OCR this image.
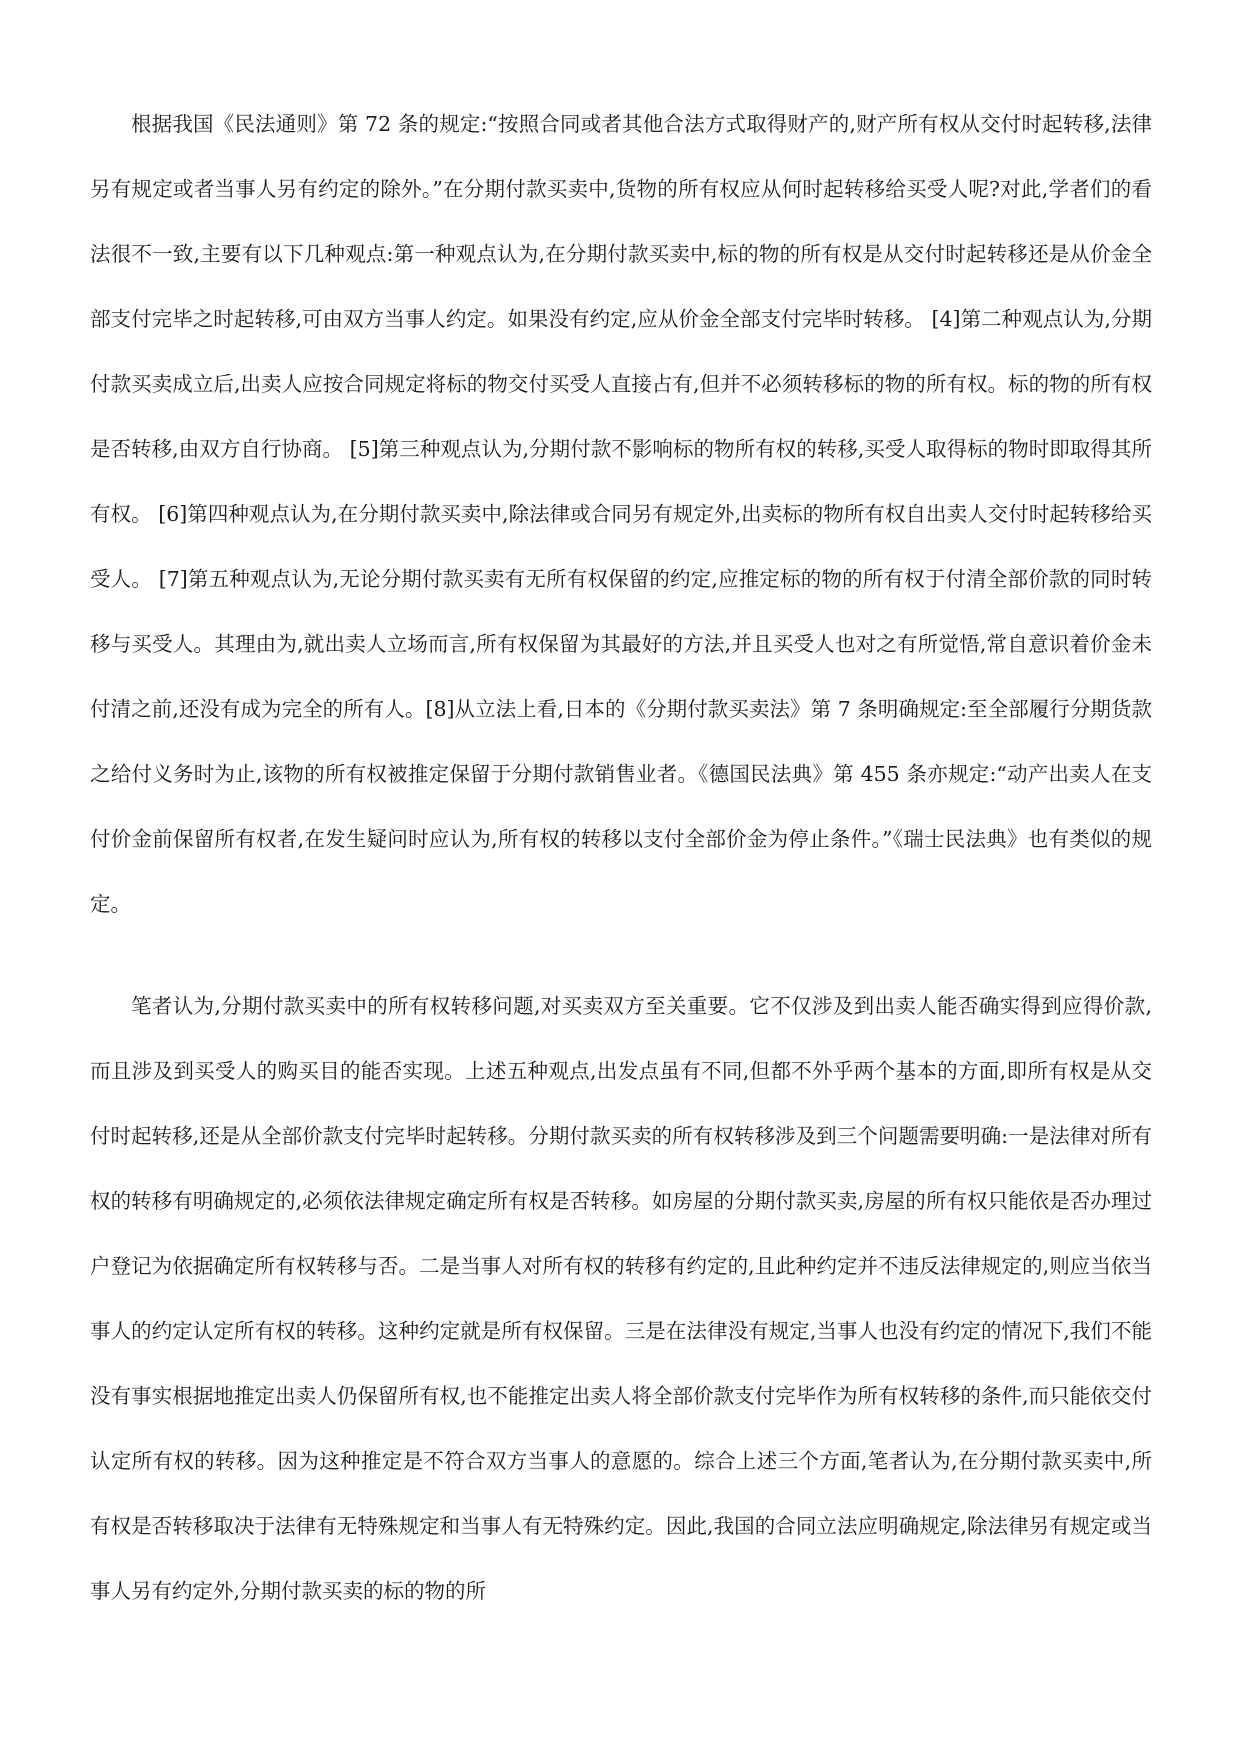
根据我国《民法通则》第 72 条的规定:“按照合同或者其他合法方式取得财产的,财产所有权从交付时起转移,法律另有规定或者当事人另有约定的除外。”在分期付款买卖中,货物的所有权应从何时起转移给买受人呢?对此,学者们的看法很不一致,主要有以下几种观点:第一种观点认为,在分期付款买卖中,标的物的所有权是从交付时起转移还是从价金全部支付完毕之时起转移,可由双方当事人约定。如果没有约定,应从价金全部支付完毕时转移。 [4]第二种观点认为,分期付款买卖成立后,出卖人应按合同规定将标的物交付买受人直接占有,但并不必须转移标的物的所有权。标的物的所有权是否转移,由双方自行协商。 [5]第三种观点认为,分期付款不影响标的物所有权的转移,买受人取得标的物时即取得其所有权。 [6]第四种观点认为,在分期付款买卖中,除法律或合同另有规定外,出卖标的物所有权自出卖人交付时起转移给买受人。 [7]第五种观点认为,无论分期付款买卖有无所有权保留的约定,应推定标的物的所有权于付清全部价款的同时转移与买受人。其理由为,就出卖人立场而言,所有权保留为其最好的方法,并且买受人也对之有所觉悟,常自意识着价金未付清之前,还没有成为完全的所有人。[8]从立法上看,日本的《分期付款买卖法》第 7 条明确规定:至全部履行分期货款之给付义务时为止,该物的所有权被推定保留于分期付款销售业者。《德国民法典》第 455 条亦规定:“动产出卖人在支付价金前保留所有权者,在发生疑问时应认为,所有权的转移以支付全部价金为停止条件。”《瑞士民法典》也有类似的规定。

笔者认为,分期付款买卖中的所有权转移问题,对买卖双方至关重要。它不仅涉及到出卖人能否确实得到应得价款,而且涉及到买受人的购买目的能否实现。上述五种观点,出发点虽有不同,但都不外乎两个基本的方面,即所有权是从交付时起转移,还是从全部价款支付完毕时起转移。分期付款买卖的所有权转移涉及到三个问题需要明确:一是法律对所有权的转移有明确规定的,必须依法律规定确定所有权是否转移。如房屋的分期付款买卖,房屋的所有权只能依是否办理过户登记为依据确定所有权转移与否。二是当事人对所有权的转移有约定的,且此种约定并不违反法律规定的,则应当依当事人的约定认定所有权的转移。这种约定就是所有权保留。三是在法律没有规定,当事人也没有约定的情况下,我们不能没有事实根据地推定出卖人仍保留所有权,也不能推定出卖人将全部价款支付完毕作为所有权转移的条件,而只能依交付认定所有权的转移。因为这种推定是不符合双方当事人的意愿的。综合上述三个方面,笔者认为,在分期付款买卖中,所有权是否转移取决于法律有无特殊规定和当事人有无特殊约定。因此,我国的合同立法应明确规定,除法律另有规定或当事人另有约定外,分期付款买卖的标的物的所
